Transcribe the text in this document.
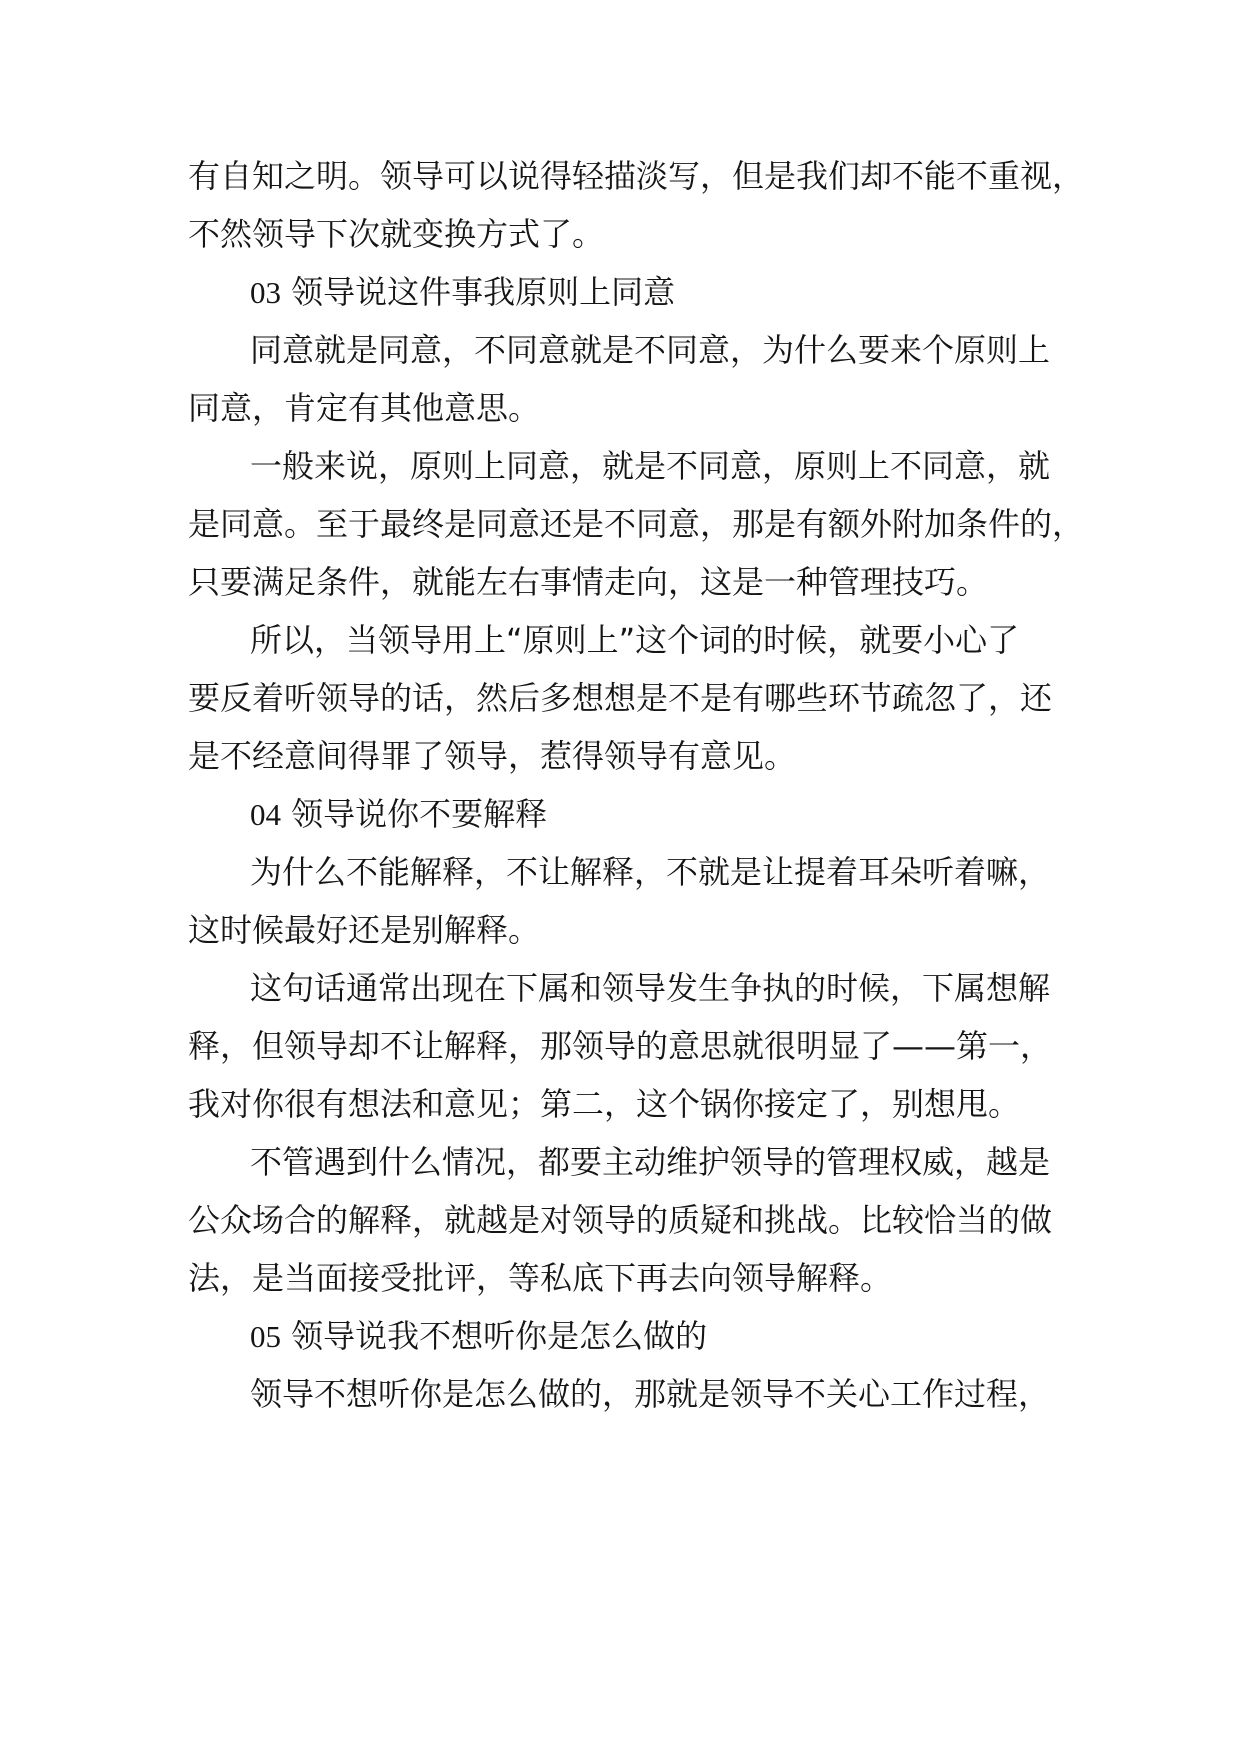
有自知之明。领导可以说得轻描淡写，但是我们却不能不重视，
不然领导下次就变换方式了。
03 领导说这件事我原则上同意
同意就是同意，不同意就是不同意，为什么要来个原则上
同意，肯定有其他意思。
一般来说，原则上同意，就是不同意，原则上不同意，就
是同意。至于最终是同意还是不同意，那是有额外附加条件的，
只要满足条件，就能左右事情走向，这是一种管理技巧。
所以，当领导用上“原则上”这个词的时候，就要小心了
要反着听领导的话，然后多想想是不是有哪些环节疏忽了，还
是不经意间得罪了领导，惹得领导有意见。
04 领导说你不要解释
为什么不能解释，不让解释，不就是让提着耳朵听着嘛，
这时候最好还是别解释。
这句话通常出现在下属和领导发生争执的时候，下属想解
释，但领导却不让解释，那领导的意思就很明显了——第一，
我对你很有想法和意见；第二，这个锅你接定了，别想甩。
不管遇到什么情况，都要主动维护领导的管理权威，越是
公众场合的解释，就越是对领导的质疑和挑战。比较恰当的做
法，是当面接受批评，等私底下再去向领导解释。
05 领导说我不想听你是怎么做的
领导不想听你是怎么做的，那就是领导不关心工作过程，
